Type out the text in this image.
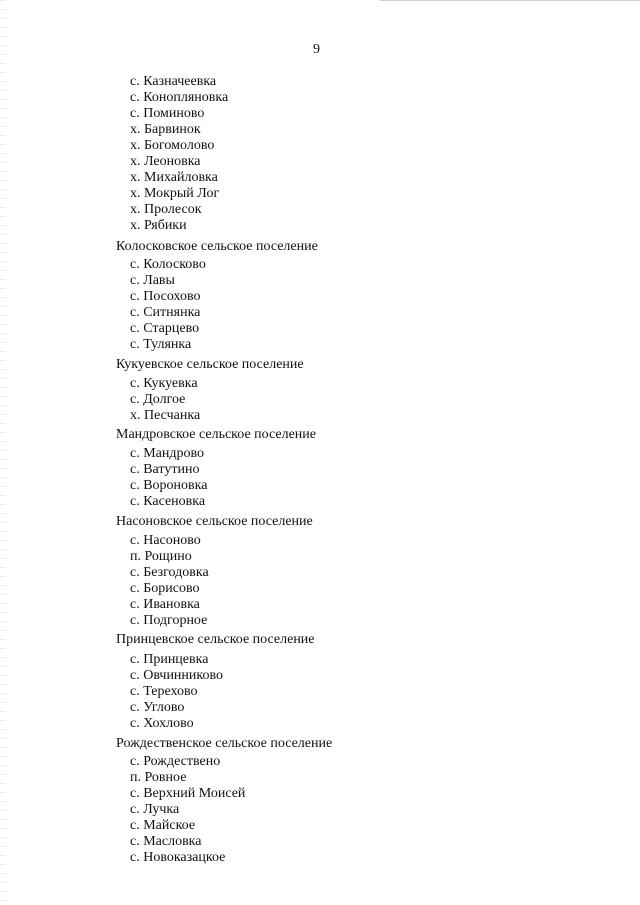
9
с. Казначеевка
с. Коноплянoвка
с. Поминово
х. Барвинок
х. Богомолово
х. Леоновка
х. Михайловка
х. Мокрый Лог
х. Пролесок
х. Рябики
Колосковское сельское поселение
с. Колосково
с. Лавы
с. Посохово
с. Ситнянка
с. Старцево
с. Тулянка
Кукуевское сельское поселение
с. Кукуевка
с. Долгое
х. Песчанка
Мандровское сельское поселение
с. Мандрово
с. Ватутино
с. Вороновка
с. Касеновка
Насоновское сельское поселение
с. Насоново
п. Рощино
с. Безгодовка
с. Борисово
с. Ивановка
с. Подгорное
Принцевское сельское поселение
с. Принцевка
с. Овчинниково
с. Терехово
с. Углово
с. Хохлово
Рождественское сельское поселение
с. Рождествено
п. Ровное
с. Верхний Моисей
с. Лучка
с. Майское
с. Масловка
с. Новоказацкое
